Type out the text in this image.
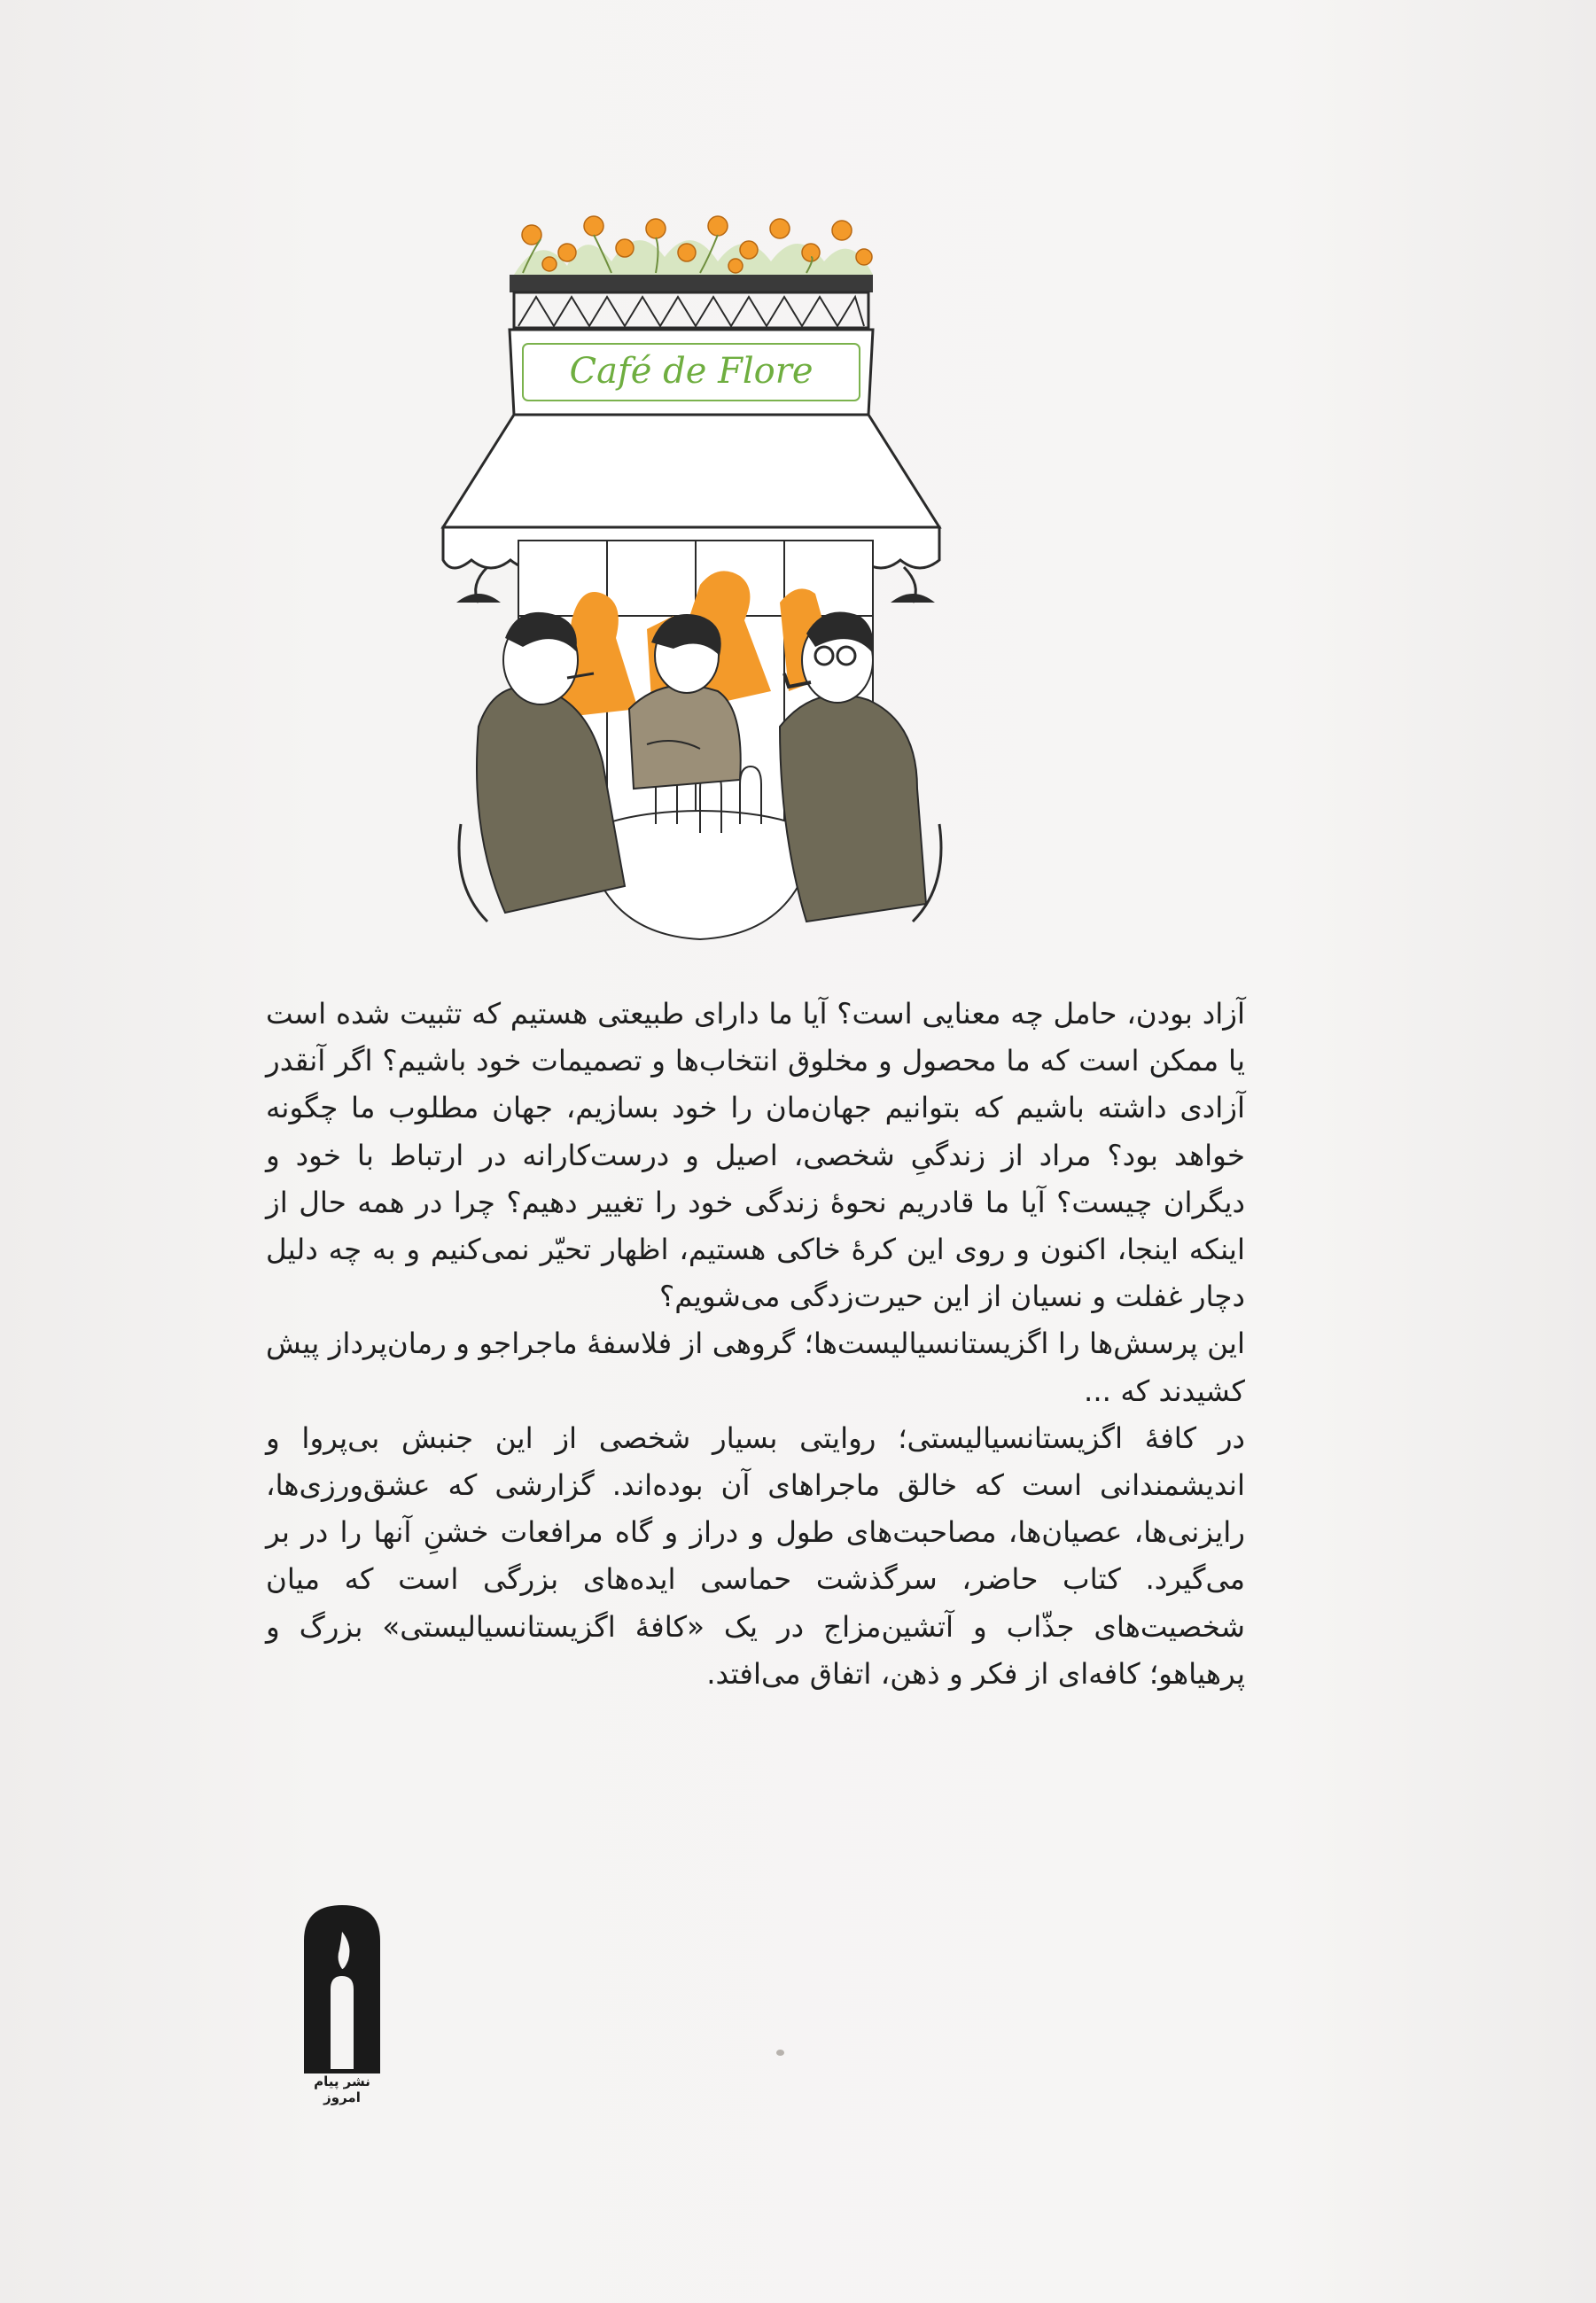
Café de Flore

آزاد بودن، حامل چه معنایی است؟ آیا ما دارای طبیعتی هستیم که تثبیت شده است یا ممکن است که ما محصول و مخلوق انتخاب‌ها و تصمیمات خود باشیم؟ اگر آنقدر آزادی داشته باشیم که بتوانیم جهان‌مان را خود بسازیم، جهان مطلوب ما چگونه خواهد بود؟ مراد از زندگیِ شخصی، اصیل و درست‌کارانه در ارتباط با خود و دیگران چیست؟ آیا ما قادریم نحوهٔ زندگی خود را تغییر دهیم؟ چرا در همه حال از اینکه اینجا، اکنون و روی این کرهٔ خاکی هستیم، اظهار تحیّر نمی‌کنیم و به چه دلیل دچار غفلت و نسیان از این حیرت‌زدگی می‌شویم؟

این پرسش‌ها را اگزیستانسیالیست‌ها؛ گروهی از فلاسفهٔ ماجراجو و رمان‌پرداز پیش کشیدند که ...

در کافهٔ اگزیستانسیالیستی؛ روایتی بسیار شخصی از این جنبش بی‌پروا و اندیشمندانی است که خالق ماجراهای آن بوده‌اند. گزارشی که عشق‌ورزی‌ها، رایزنی‌ها، عصیان‌ها، مصاحبت‌های طول و دراز و گاه مرافعات خشنِ آنها را در بر می‌گیرد. کتاب حاضر، سرگذشت حماسی ایده‌های بزرگی است که میان شخصیت‌های جذّاب و آتشین‌مزاج در یک «کافهٔ اگزیستانسیالیستی» بزرگ و پرهیاهو؛ کافه‌ای از فکر و ذهن، اتفاق می‌افتد.

نشر پیام امروز
